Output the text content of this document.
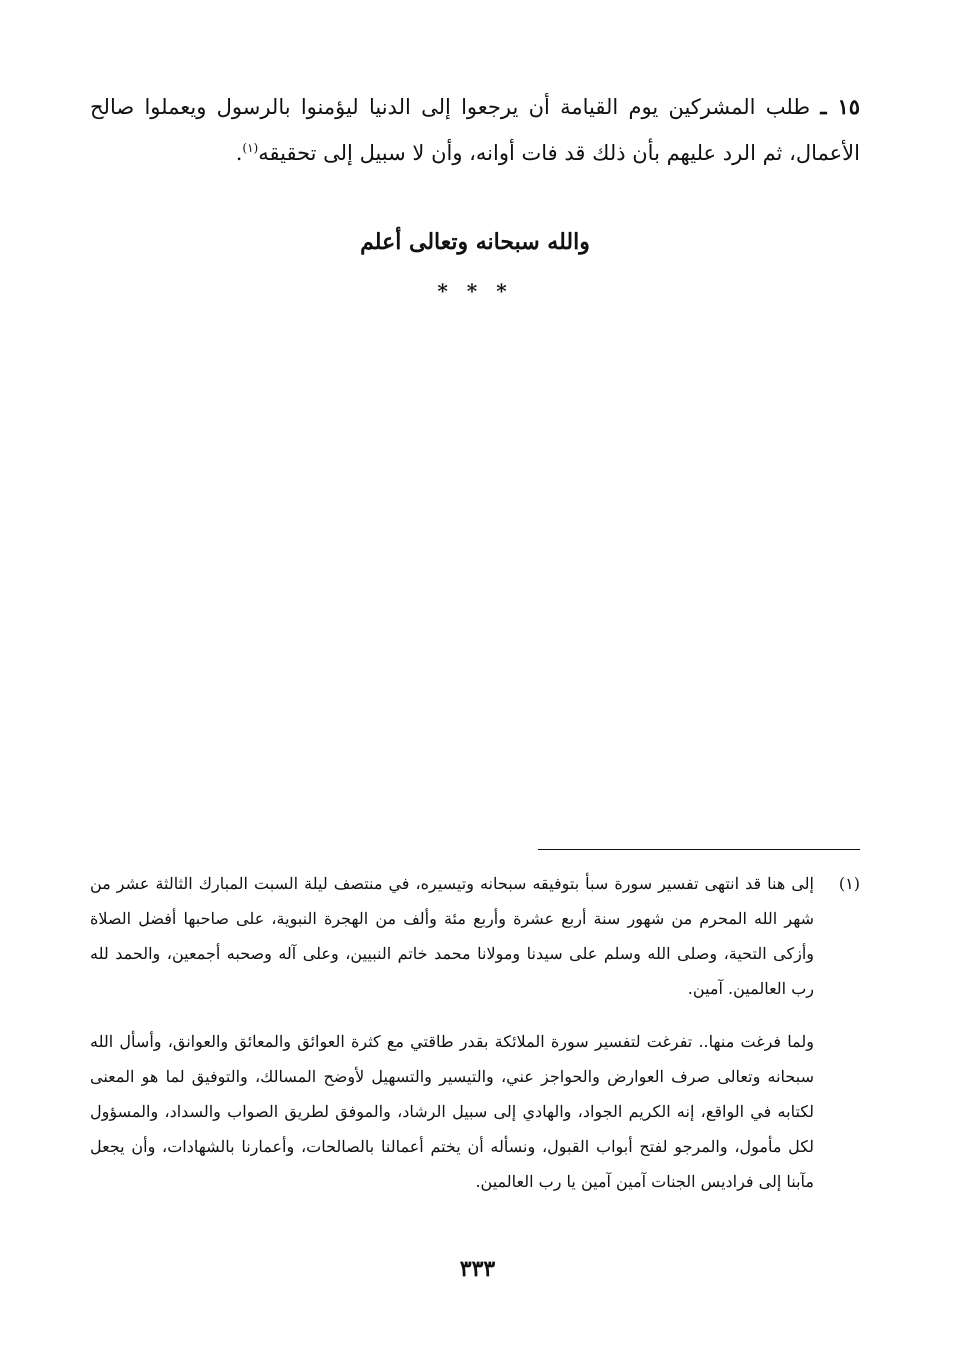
١٥ ـ طلب المشركين يوم القيامة أن يرجعوا إلى الدنيا ليؤمنوا بالرسول ويعملوا صالح الأعمال، ثم الرد عليهم بأن ذلك قد فات أوانه، وأن لا سبيل إلى تحقيقه$^{(١)}$.
والله سبحانه وتعالى أعلم
* * *
(١)
إلى هنا قد انتهى تفسير سورة سبأ بتوفيقه سبحانه وتيسيره، في منتصف ليلة السبت المبارك الثالثة عشر من شهر الله المحرم من شهور سنة أربع عشرة وأربع مئة وألف من الهجرة النبوية، على صاحبها أفضل الصلاة وأزكى التحية، وصلى الله وسلم على سيدنا ومولانا محمد خاتم النبيين، وعلى آله وصحبه أجمعين، والحمد لله رب العالمين. آمين.
ولما فرغت منها.. تفرغت لتفسير سورة الملائكة بقدر طاقتي مع كثرة العوائق والمعائق والعوانق، وأسأل الله سبحانه وتعالى صرف العوارض والحواجز عني، والتيسير والتسهيل لأوضح المسالك، والتوفيق لما هو المعنى لكتابه في الواقع، إنه الكريم الجواد، والهادي إلى سبيل الرشاد، والموفق لطريق الصواب والسداد، والمسؤول لكل مأمول، والمرجو لفتح أبواب القبول، ونسأله أن يختم أعمالنا بالصالحات، وأعمارنا بالشهادات، وأن يجعل مآبنا إلى فراديس الجنات آمين آمين يا رب العالمين.
٣٣٣
